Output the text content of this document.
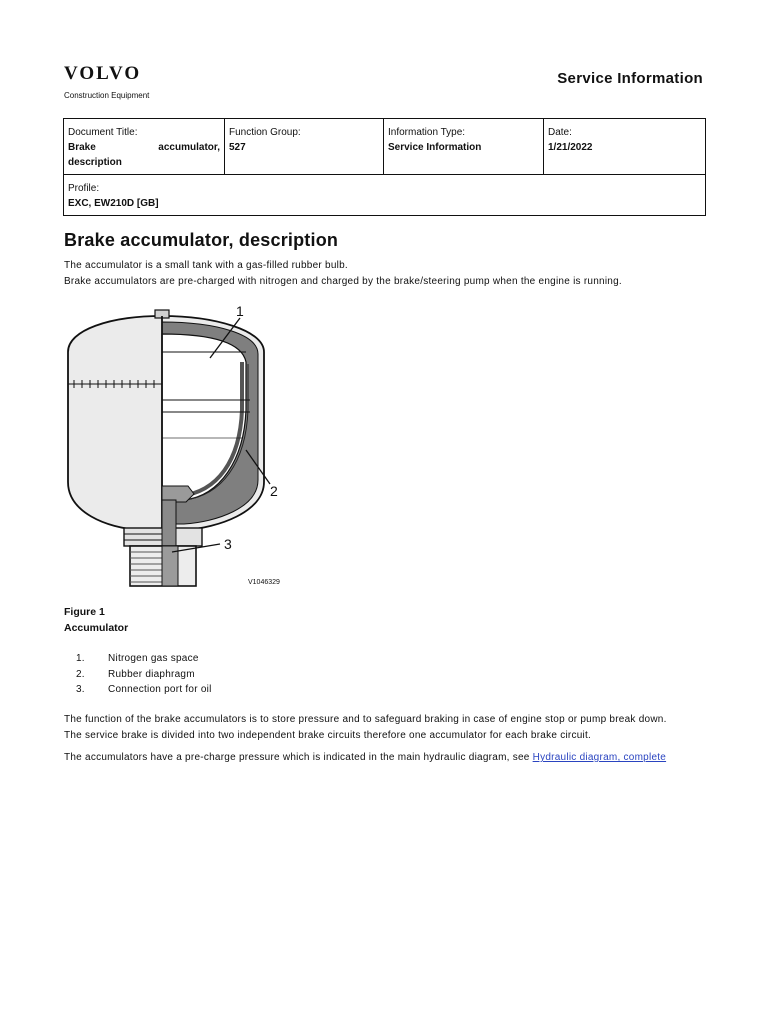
VOLVO
Construction Equipment
Service Information
Document Title:
Brake accumulator,
description

Function Group:
527

Information Type:
Service Information

Date:
1/21/2022

Profile:
EXC, EW210D [GB]
Brake accumulator, description

The accumulator is a small tank with a gas-filled rubber bulb.

Brake accumulators are pre-charged with nitrogen and charged by the brake/steering pump when the engine is running.

1
2
3
V1046329
Figure 1
Accumulator
1.	Nitrogen gas space
2.	Rubber diaphragm
3.	Connection port for oil

The function of the brake accumulators is to store pressure and to safeguard braking in case of engine stop or pump break down.

The service brake is divided into two independent brake circuits therefore one accumulator for each brake circuit.

The accumulators have a pre-charge pressure which is indicated in the main hydraulic diagram, see Hydraulic diagram, complete
